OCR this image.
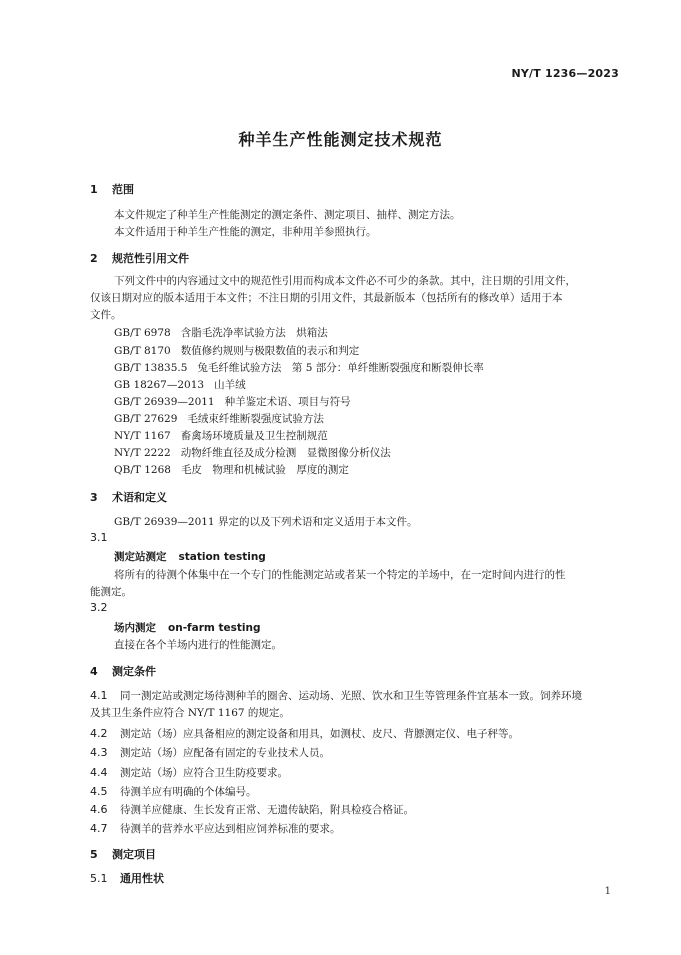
NY/T 1236—2023
种羊生产性能测定技术规范
1 范围
本文件规定了种羊生产性能测定的测定条件、测定项目、抽样、测定方法。
本文件适用于种羊生产性能的测定，非种用羊参照执行。
2 规范性引用文件
下列文件中的内容通过文中的规范性引用而构成本文件必不可少的条款。其中，注日期的引用文件，
仅该日期对应的版本适用于本文件；不注日期的引用文件，其最新版本（包括所有的修改单）适用于本
文件。
GB/T 6978 含脂毛洗净率试验方法　烘箱法
GB/T 8170 数值修约规则与极限数值的表示和判定
GB/T 13835.5 兔毛纤维试验方法　第 5 部分：单纤维断裂强度和断裂伸长率
GB 18267—2013 山羊绒
GB/T 26939—2011 种羊鉴定术语、项目与符号
GB/T 27629 毛绒束纤维断裂强度试验方法
NY/T 1167 畜禽场环境质量及卫生控制规范
NY/T 2222 动物纤维直径及成分检测　显微图像分析仪法
QB/T 1268 毛皮　物理和机械试验　厚度的测定
3 术语和定义
GB/T 26939—2011 界定的以及下列术语和定义适用于本文件。
3.1
测定站测定 station testing
将所有的待测个体集中在一个专门的性能测定站或者某一个特定的羊场中，在一定时间内进行的性
能测定。
3.2
场内测定 on-farm testing
直接在各个羊场内进行的性能测定。
4 测定条件
4.1 同一测定站或测定场待测种羊的圈舍、运动场、光照、饮水和卫生等管理条件宜基本一致。饲养环境
及其卫生条件应符合 NY/T 1167 的规定。
4.2 测定站（场）应具备相应的测定设备和用具，如测杖、皮尺、背膘测定仪、电子秤等。
4.3 测定站（场）应配备有固定的专业技术人员。
4.4 测定站（场）应符合卫生防疫要求。
4.5 待测羊应有明确的个体编号。
4.6 待测羊应健康、生长发育正常、无遗传缺陷，附具检疫合格证。
4.7 待测羊的营养水平应达到相应饲养标准的要求。
5 测定项目
5.1 通用性状
1
